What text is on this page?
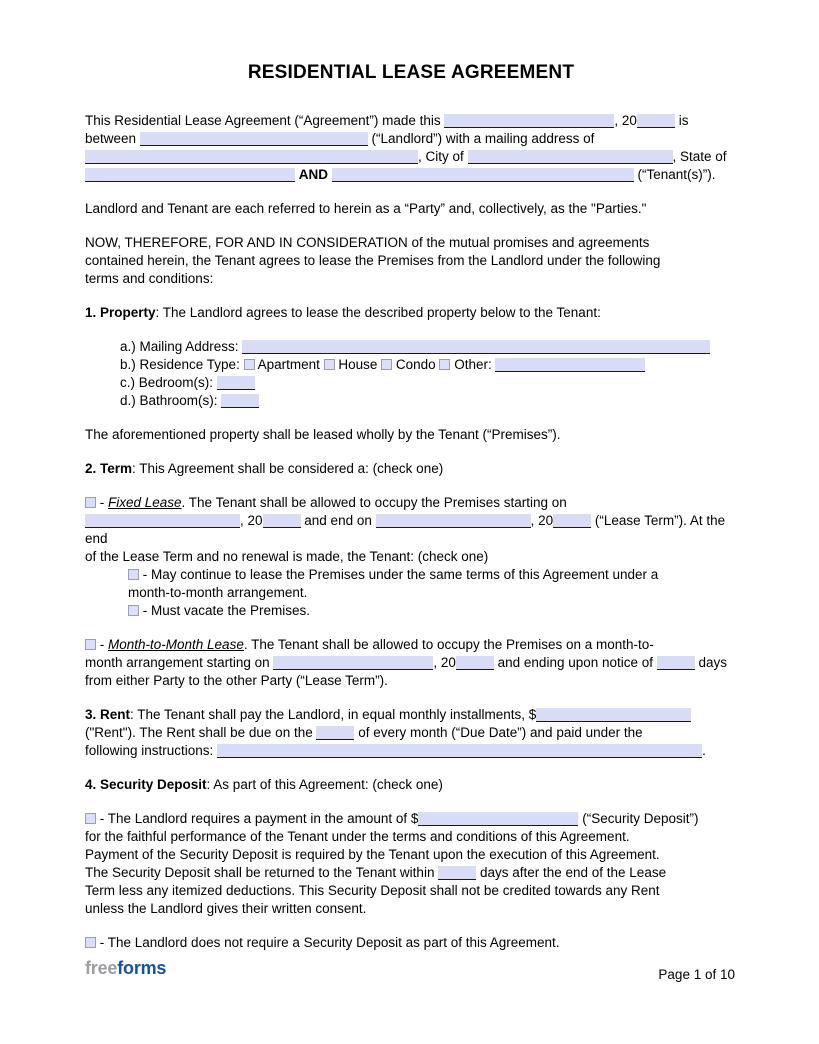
RESIDENTIAL LEASE AGREEMENT

This Residential Lease Agreement (“Agreement”) made this	, 20	is
between	(“Landlord”) with a mailing address of
, City of	, State of
AND	(“Tenant(s)”).

Landlord and Tenant are each referred to herein as a “Party” and, collectively, as the "Parties."

NOW, THEREFORE, FOR AND IN CONSIDERATION of the mutual promises and agreements
contained herein, the Tenant agrees to lease the Premises from the Landlord under the following
terms and conditions:

1. Property: The Landlord agrees to lease the described property below to the Tenant:

a.) Mailing Address:
b.) Residence Type:  Apartment  House  Condo  Other:
c.) Bedroom(s):
d.) Bathroom(s):

The aforementioned property shall be leased wholly by the Tenant (“Premises”).

2. Term: This Agreement shall be considered a: (check one)

- Fixed Lease. The Tenant shall be allowed to occupy the Premises starting on
, 20	and end on	, 20	(“Lease Term”). At the end
of the Lease Term and no renewal is made, the Tenant: (check one)

- May continue to lease the Premises under the same terms of this Agreement under a
month-to-month arrangement.
- Must vacate the Premises.

- Month-to-Month Lease. The Tenant shall be allowed to occupy the Premises on a month-to-
month arrangement starting on	, 20	and ending upon notice of	days
from either Party to the other Party (“Lease Term”).

3. Rent: The Tenant shall pay the Landlord, in equal monthly installments, $
("Rent"). The Rent shall be due on the	of every month (“Due Date”) and paid under the
following instructions:	.

4. Security Deposit: As part of this Agreement: (check one)

- The Landlord requires a payment in the amount of $	(“Security Deposit”)
for the faithful performance of the Tenant under the terms and conditions of this Agreement.
Payment of the Security Deposit is required by the Tenant upon the execution of this Agreement.
The Security Deposit shall be returned to the Tenant within	days after the end of the Lease
Term less any itemized deductions. This Security Deposit shall not be credited towards any Rent
unless the Landlord gives their written consent.

- The Landlord does not require a Security Deposit as part of this Agreement.

freeforms	Page 1 of 10
